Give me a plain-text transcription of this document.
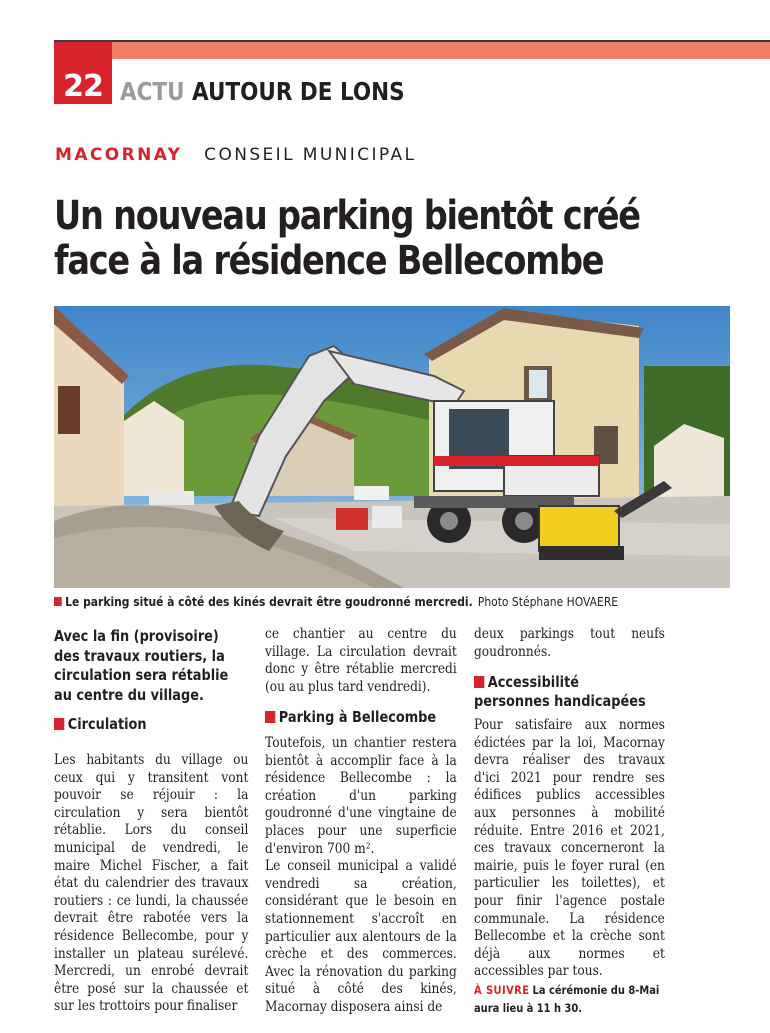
22 ACTU AUTOUR DE LONS
MACORNAY CONSEIL MUNICIPAL
Un nouveau parking bientôt créé
face à la résidence Bellecombe
Le parking situé à côté des kinés devrait être goudronné mercredi. Photo Stéphane HOVAERE
Avec la fin (provisoire) des travaux routiers, la circulation sera rétablie au centre du village.
Circulation

Les habitants du village ou ceux qui y transitent vont pouvoir se réjouir : la circulation y sera bientôt rétablie. Lors du conseil municipal de vendredi, le maire Michel Fischer, a fait état du calendrier des travaux routiers : ce lundi, la chaussée devrait être rabotée vers la résidence Bellecombe, pour y installer un plateau surélevé. Mercredi, un enrobé devrait être posé sur la chaussée et sur les trottoirs pour finaliser

ce chantier au centre du village. La circulation devrait donc y être rétablie mercredi (ou au plus tard vendredi).

Parking à Bellecombe

Toutefois, un chantier restera bientôt à accomplir face à la résidence Bellecombe : la création d'un parking goudronné d'une vingtaine de places pour une superficie d'environ 700 m².

Le conseil municipal a validé vendredi sa création, considérant que le besoin en stationnement s'accroît en particulier aux alentours de la crèche et des commerces. Avec la rénovation du parking situé à côté des kinés, Macornay disposera ainsi de

deux parkings tout neufs goudronnés.

Accessibilité
personnes handicapées

Pour satisfaire aux normes édictées par la loi, Macornay devra réaliser des travaux d'ici 2021 pour rendre ses édifices publics accessibles aux personnes à mobilité réduite. Entre 2016 et 2021, ces travaux concerneront la mairie, puis le foyer rural (en particulier les toilettes), et pour finir l'agence postale communale. La résidence Bellecombe et la crèche sont déjà aux normes et accessibles par tous.

À SUIVRE La cérémonie du 8-Mai aura lieu à 11 h 30.
